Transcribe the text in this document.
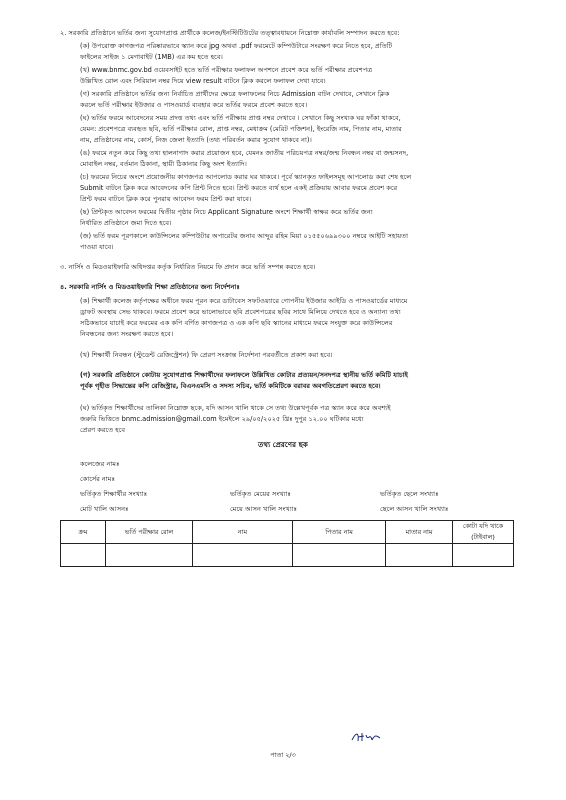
২. সরকারি প্রতিষ্ঠানে ভর্তির জন্য সুযোগপ্রাপ্ত প্রার্থীকে কলেজ/ইনস্টিটিউটের তত্ত্বাবধায়নে নিম্নোক্ত কার্যাবলি সম্পাদন করতে হবে:
(ক) উপরোক্ত কাগজপত্র পরিষ্কারভাবে স্ক্যান করে jpg অথবা .pdf ফরমেটে কম্পিউটারে সংরক্ষণ করে নিতে হবে, প্রতিটি
ফাইলের সাইজ ১ মেগাবাইট (1MB) এর কম হতে হবে।
(খ) www.bnmc.gov.bd ওয়েবসাইট হতে ভর্তি পরীক্ষার ফলাফল অপশনে প্রবেশ করে ভর্তি পরীক্ষার প্রবেশপত্র
উল্লিখিত রোল এবং সিরিয়াল নম্বর দিয়ে view result বাটনে ক্লিক করলে ফলাফল দেখা যাবে।
(গ) সরকারি প্রতিষ্ঠানে ভর্তির জন্য নির্বাচিত প্রার্থীদের ক্ষেত্রে ফলাফলের নিচে Admission বাটন দেখাবে, সেখানে ক্লিক
করলে ভর্তি পরীক্ষার ইউজার ও পাসওয়ার্ড ব্যবহার করে ভর্তির ফরমে প্রবেশ করতে হবে।
(ঘ) ভর্তির ফরমে আবেদনের সময় প্রদত্ত তথ্য এবং ভর্তি পরীক্ষায় প্রাপ্ত নম্বর দেখাবে । সেখানে কিছু সংখ্যক ঘর ফাঁকা থাকবে,
যেমন: প্রবেশপত্রে ব্যবহৃত ছবি, ভর্তি পরীক্ষার রোল, প্রাপ্ত নম্বর, মেধাক্রম (মেরিট পজিশন), ইংরেজি নাম, পিতার নাম, মাতার
নাম, প্রতিষ্ঠানের নাম, কোর্স, নিজ জেলা ইত্যাদি (তথ্য পরিবর্তন করার সুযোগ থাকবে না)।
(ঙ) ফরমে নতুন করে কিছু তথ্য হালনাগাদ করার প্রয়োজন হবে, যেমনঃ জাতীয় পরিচয়পত্র নম্বর/জন্ম নিবন্ধন নম্বর বা জন্মসনদ,
মোবাইল নম্বর, বর্তমান ঠিকানা, স্থায়ী ঠিকানার কিছু অংশ ইত্যাদি।
(চ) ফরমের নিচের অংশে প্রয়োজনীয় কাগজপত্র আপলোড করার ঘর থাকবে। পূর্বে স্ক্যানকৃত ফাইলসমূহ আপলোড করা শেষ হলে
Submit বাটনে ক্লিক করে আবেদনের কপি প্রিন্ট নিতে হবে। প্রিন্ট করতে ব্যর্থ হলে একই প্রক্রিয়ায় আবার ফরমে প্রবেশ করে
প্রিন্ট ফরম বাটনে ক্লিক করে পুনরায় আবেদন ফরম প্রিন্ট করা যাবে।
(ছ) প্রিন্টকৃত আবেদন ফরমের দ্বিতীয় পৃষ্ঠার নিচে Applicant Signature অংশে শিক্ষার্থী স্বাক্ষর করে ভর্তির জন্য
নির্ধারিত প্রতিষ্ঠানে জমা দিতে হবে।
(জ) ভর্তি ফরম পূরণকালে কাউন্সিলের কম্পিউটার অপারেটর জনাব আব্দুর রহিম মিয়া ০১৫৫০৬৯৯৩০০ নম্বরে আইটি সহায়তা
পাওয়া যাবে।
৩. নার্সিং ও মিডওয়াইফারি অধিদপ্তর কর্তৃক নির্ধারিত নিয়মে ফি প্রদান করে ভর্তি সম্পন্ন করতে হবে।
৪. সরকারি নার্সিং ও মিডওয়াইফারি শিক্ষা প্রতিষ্ঠানের জন্য নির্দেশনাঃ
(ক) শিক্ষার্থী কলেজ কর্তৃপক্ষের অধীনে ফরম পূরন করে ডাটাবেস সফটওয়্যারে গোপনীয় ইউজার আইডি ও পাসওয়ার্ডের মাধ্যমে
ড্রাফট অবস্থায় সেভ থাকবে। ফরমে প্রবেশ করে ভালোভাবে ছবি প্রবেশপত্রের ছবির সাথে মিলিয়ে দেখতে হবে ও অন্যান্য তথ্য
সঠিকভাবে যাচাই করে ফরমের এক কপি বর্ণিত কাগজপত্র ও এক কপি ছবি স্ক্যানের মাধ্যমে ফরমে সংযুক্ত করে কাউন্সিলের
নিবন্ধনের জন্য সংরক্ষণ করতে হবে।
(খ) শিক্ষার্থী নিবন্ধন (স্টুডেন্ট রেজিস্ট্রেশন) ফি প্রেরণ সংক্রান্ত নির্দেশনা পরবর্তীতে প্রকাশ করা হবে।
(গ) সরকারি প্রতিষ্ঠানে কোটায় সুযোগপ্রাপ্ত শিক্ষার্থীদের ফলাফলে উল্লিখিত কোটার প্রত্যয়ন/সনদপত্র স্থানীয় ভর্তি কমিটি যাচাই
পূর্বক গৃহীত সিদ্ধান্তের কপি রেজিস্ট্রার, বিএনএমসি ও সদস্য সচিব, ভর্তি কমিটিকে বরাবর অবগতিপ্রেরণ করতে হবে।
(ঘ) ভর্তিকৃত শিক্ষার্থীদের তালিকা নিম্নোক্ত ছকে, যদি আসন খালি থাকে সে তথ্য উল্লেখপূর্বক পত্র স্ক্যান করে করে অবশ্যই
জরুরি ভিত্তিতে bnmc.admission@gmail.com ইমেইলে ২৯/০৫/২০২৫ খ্রিঃ দুপুর ১২.০০ ঘটিকার মধ্যে
প্রেরণ করতে হবে
তথ্য প্রেরণের ছক
কলেজের নামঃ
কোর্সের নামঃ
ভর্তিকৃত শিক্ষার্থীর সংখ্যাঃ	ভর্তিকৃত মেয়ের সংখ্যাঃ	ভর্তিকৃত ছেলে সংখ্যাঃ
মোট খালি আসনঃ	মেয়ে আসন খালি সংখ্যাঃ	ছেলে আসন খালি সংখ্যাঃ
ক্রম	ভর্তি পরীক্ষার রোল	নাম	পিতার নাম	মাতার নাম	কোটা যদি থাকে (টাইবাল)

পাতা ২/৩
